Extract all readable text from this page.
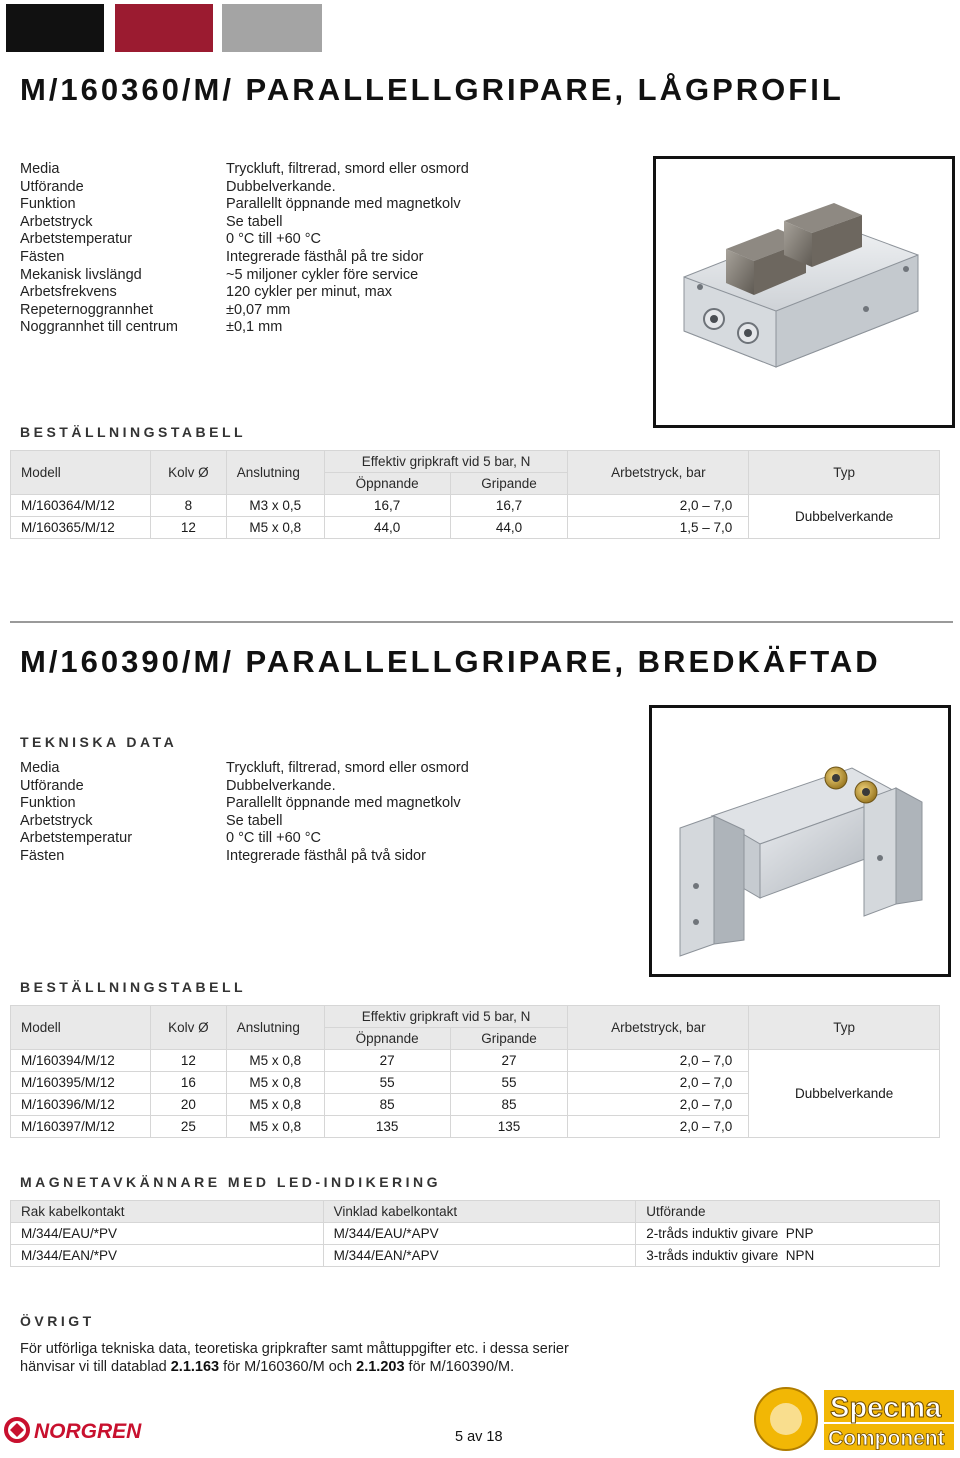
M/160360/M/ PARALLELLGRIPARE, LÅGPROFIL
Media	Tryckluft, filtrerad, smord eller osmord
Utförande	Dubbelverkande.
Funktion	Parallellt öppnande med magnetkolv
Arbetstryck	Se tabell
Arbetstemperatur	0 °C till +60 °C
Fästen	Integrerade fästhål på tre sidor
Mekanisk livslängd	~5 miljoner cykler före service
Arbetsfrekvens	120 cykler per minut, max
Repeternoggrannhet	±0,07 mm
Noggrannhet till centrum	±0,1 mm
BESTÄLLNINGSTABELL
Modell	Kolv Ø	Anslutning	Effektiv gripkraft vid 5 bar, N		Arbetstryck, bar	Typ
			Öppnande	Gripande		
M/160364/M/12	8	M3 x 0,5	16,7	16,7	2,0 – 7,0	Dubbelverkande
M/160365/M/12	12	M5 x 0,8	44,0	44,0	1,5 – 7,0	
M/160390/M/ PARALLELLGRIPARE, BREDKÄFTAD
TEKNISKA DATA
Media	Tryckluft, filtrerad, smord eller osmord
Utförande	Dubbelverkande.
Funktion	Parallellt öppnande med magnetkolv
Arbetstryck	Se tabell
Arbetstemperatur	0 °C till +60 °C
Fästen	Integrerade fästhål på två sidor
BESTÄLLNINGSTABELL
Modell	Kolv Ø	Anslutning	Effektiv gripkraft vid 5 bar, N		Arbetstryck, bar	Typ
			Öppnande	Gripande		
M/160394/M/12	12	M5 x 0,8	27	27	2,0 – 7,0	Dubbelverkande
M/160395/M/12	16	M5 x 0,8	55	55	2,0 – 7,0	
M/160396/M/12	20	M5 x 0,8	85	85	2,0 – 7,0	
M/160397/M/12	25	M5 x 0,8	135	135	2,0 – 7,0	
MAGNETAVKÄNNARE MED LED-INDIKERING
Rak kabelkontakt	Vinklad kabelkontakt	Utförande
M/344/EAU/*PV	M/344/EAU/*APV	2-tråds induktiv givare  PNP
M/344/EAN/*PV	M/344/EAN/*APV	3-tråds induktiv givare  NPN
ÖVRIGT
För utförliga tekniska data, teoretiska gripkrafter samt måttuppgifter etc. i dessa serier
hänvisar vi till datablad 2.1.163 för M/160360/M och 2.1.203 för M/160390/M.
NORGREN	5 av 18
Specma
Component
